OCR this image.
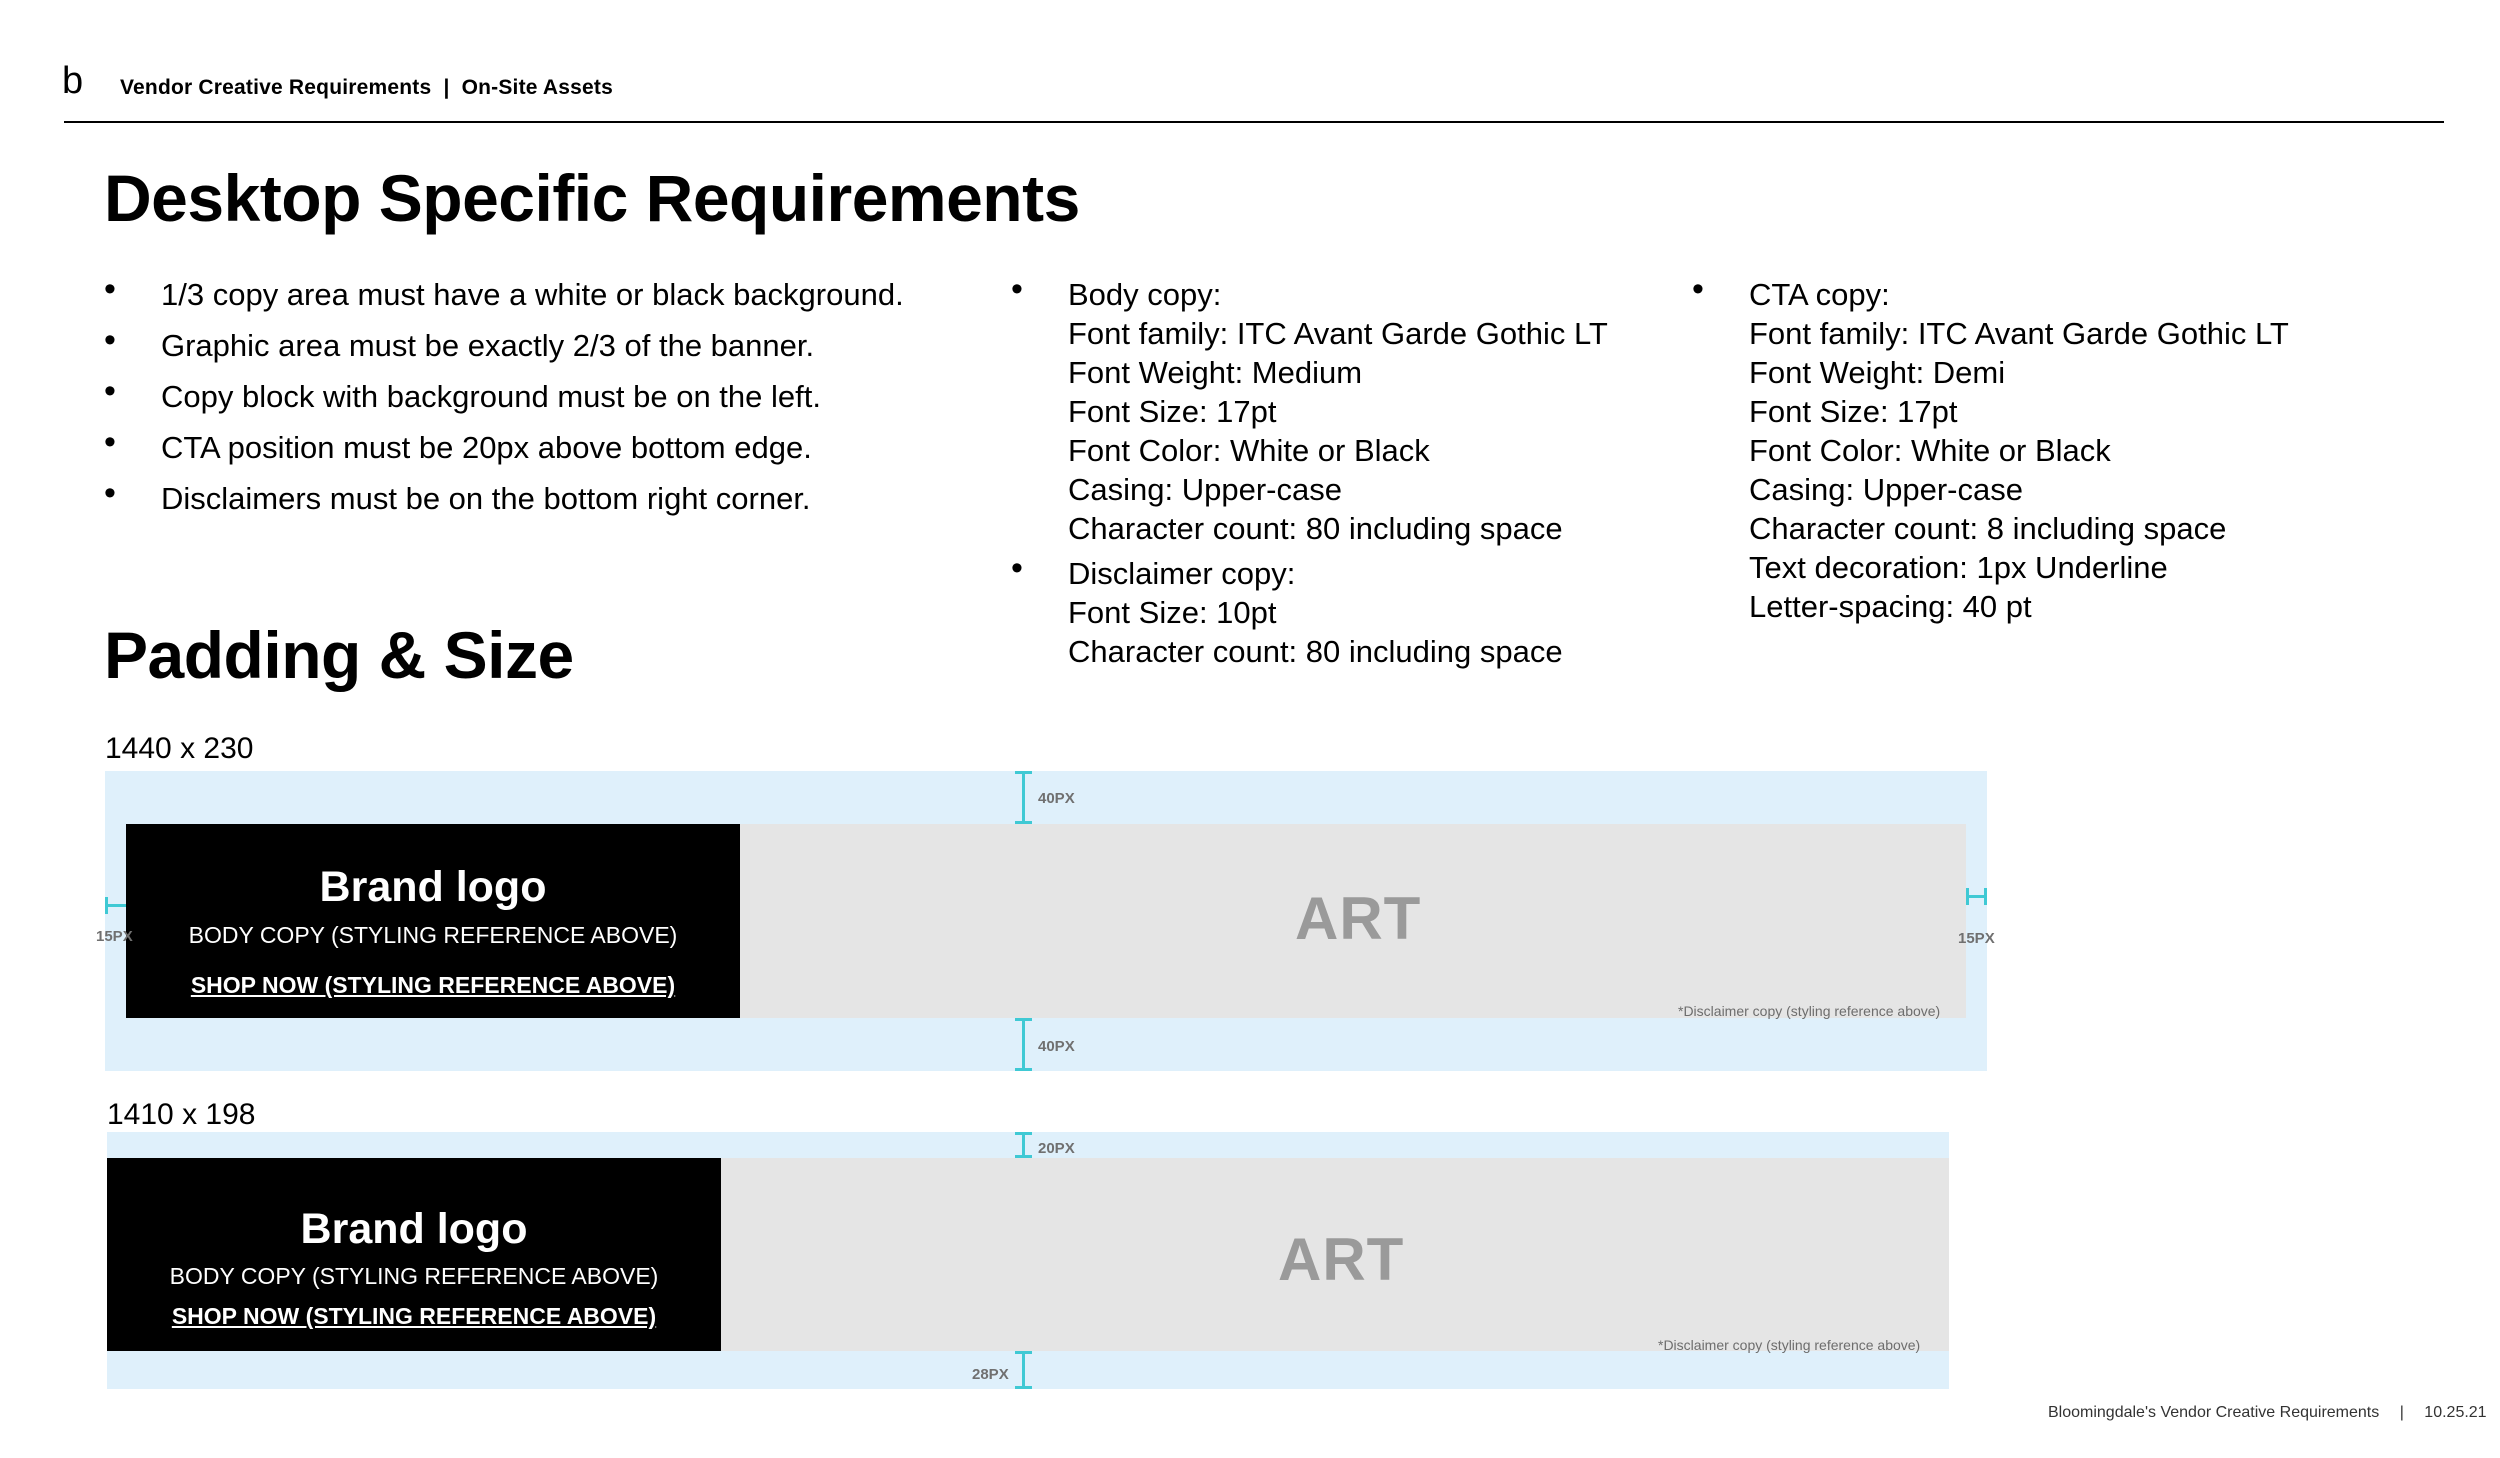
b Vendor Creative Requirements  |  On-Site Assets
Desktop Specific Requirements
Padding & Size
• 1/3 copy area must have a white or black background.
• Graphic area must be exactly 2/3 of the banner.
• Copy block with background must be on the left.
• CTA position must be 20px above bottom edge.
• Disclaimers must be on the bottom right corner.
• Body copy:
Font family: ITC Avant Garde Gothic LT
Font Weight: Medium
Font Size: 17pt
Font Color: White or Black
Casing: Upper-case
Character count: 80 including space
• Disclaimer copy:
Font Size: 10pt
Character count: 80 including space
• CTA copy:
Font family: ITC Avant Garde Gothic LT
Font Weight: Demi
Font Size: 17pt
Font Color: White or Black
Casing: Upper-case
Character count: 8 including space
Text decoration: 1px Underline
Letter-spacing: 40 pt
1440 x 230
Brand logo
BODY COPY (STYLING REFERENCE ABOVE)
SHOP NOW (STYLING REFERENCE ABOVE)
ART
*Disclaimer copy (styling reference above)
40PX
40PX
15PX	15PX
1410 x 198
Brand logo
BODY COPY (STYLING REFERENCE ABOVE)
SHOP NOW (STYLING REFERENCE ABOVE)
ART
*Disclaimer copy (styling reference above)
20PX
28PX
Bloomingdale's Vendor Creative Requirements | 10.25.21
